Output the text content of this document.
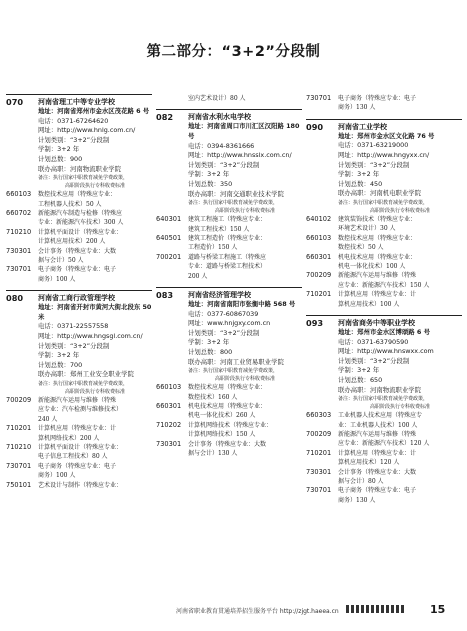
第二部分：“3+2”分段制
070	河南省理工中等专业学校
地址：河南省郑州市金水区茂花路 6 号
电话：0371-67264620
网址：http://www.hnlg.com.cn/
计划类别：“3+2”分段制
学制：3+2 年
计划总数：900
联办高职：河南物流职业学院
备注：执行国家中职教育减免学费政策，
高职阶段执行专科收费标准
660103	数控技术应用（特殊应专业：
工程机器人技术）50 人
660702	新能源汽车制造与检修（特殊应
专业：新能源汽车技术）300 人
710210	计算机平面设计（特殊应专业：
计算机应用技术）200 人
730301	会计事务（特殊应专业：大数
据与会计）50 人
730701	电子商务（特殊应专业：电子
商务）100 人
080	河南省工商行政管理学校
地址：河南省开封市黄河大街北段东 50 米
电话：0371-22557558
网址：http://www.hngsgl.com.cn/
计划类别：“3+2”分段制
学制：3+2 年
计划总数：700
联办高职：郑州工业安全职业学院
备注：执行国家中职教育减免学费政策，
高职阶段执行专科收费标准
700209	新能源汽车运用与维修（特殊
应专业：汽车检测与维修技术）
240 人
710201	计算机应用（特殊应专业：计
算机网络技术）200 人
710210	计算机平面设计（特殊应专业：
电子信息工程技术）80 人
730701	电子商务（特殊应专业：电子
商务）100 人
750101	艺术设计与制作（特殊应专业：
室内艺术设计）80 人
082	河南省水利水电学校
地址：河南省周口市川汇区汉阳路 180 号
电话：0394-8361666
网址：http://www.hnsslx.com.cn/
计划类别：“3+2”分段制
学制：3+2 年
计划总数：350
联办高职：河南交通职业技术学院
备注：执行国家中职教育减免学费政策，
高职阶段执行专科收费标准
640301	建筑工程施工（特殊应专业：
建筑工程技术）150 人
640501	建筑工程造价（特殊应专业：
工程造价）150 人
700201	道路与桥梁工程施工（特殊应
专业：道路与桥梁工程技术）
200 人
083	河南省经济管理学校
地址：河南省南阳市张衡中路 568 号
电话：0377-60867039
网址：www.hnjgxy.com.cn
计划类别：“3+2”分段制
学制：3+2 年
计划总数：800
联办高职：河南工业贸易职业学院
备注：执行国家中职教育减免学费政策，
高职阶段执行专科收费标准
660103	数控技术应用（特殊应专业：
数控技术）160 人
660301	机电技术应用（特殊应专业：
机电一体化技术）260 人
710202	计算机网络技术（特殊应专业：
计算机网络技术）150 人
730301	会计事务（特殊应专业：大数
据与会计）130 人
730701	电子商务（特殊应专业：电子
商务）130 人
090	河南省工业学校
地址：郑州市金水区文化路 76 号
电话：0371-63219000
网址：http://www.hngyxx.cn/
计划类别：“3+2”分段制
学制：3+2 年
计划总数：450
联办高职：河南机电职业学院
备注：执行国家中职教育减免学费政策，
高职阶段执行专科收费标准
640102	建筑装饰技术（特殊应专业：
环境艺术设计）30 人
660103	数控技术应用（特殊应专业：
数控技术）50 人
660301	机电技术应用（特殊应专业：
机电一体化技术）100 人
700209	新能源汽车运用与维修（特殊
应专业：新能源汽车技术）150 人
710201	计算机应用（特殊应专业：计
算机应用技术）100 人
093	河南省商务中等职业学校
地址：郑州市金水区博颂路 6 号
电话：0371-63790590
网址：http://www.hnswxx.com
计划类别：“3+2”分段制
学制：3+2 年
计划总数：650
联办高职：河南物流职业学院
备注：执行国家中职教育减免学费政策，
高职阶段执行专科收费标准
660303	工业机器人技术应用（特殊应专
业：工业机器人技术）100 人
700209	新能源汽车运用与维修（特殊
应专业：新能源汽车技术）120 人
710201	计算机应用（特殊应专业：计
算机应用技术）120 人
730301	会计事务（特殊应专业：大数
据与会计）80 人
730701	电子商务（特殊应专业：电子
商务）130 人
河南省职业教育贯通培养招生服务平台 http://zjgt.haeea.cn	15
